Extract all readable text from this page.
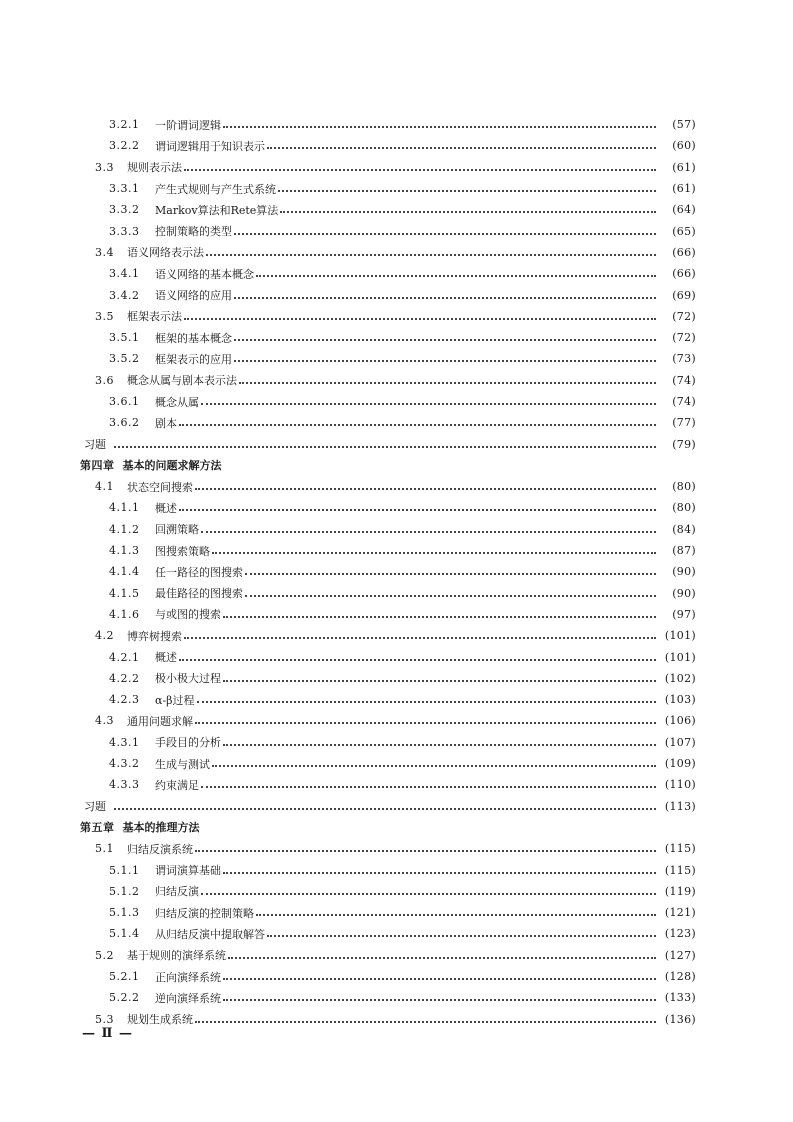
3.2.1	一阶谓词逻辑	(57)
3.2.2	谓词逻辑用于知识表示	(60)
3.3	规则表示法	(61)
3.3.1	产生式规则与产生式系统	(61)
3.3.2	Markov算法和Rete算法	(64)
3.3.3	控制策略的类型	(65)
3.4	语义网络表示法	(66)
3.4.1	语义网络的基本概念	(66)
3.4.2	语义网络的应用	(69)
3.5	框架表示法	(72)
3.5.1	框架的基本概念	(72)
3.5.2	框架表示的应用	(73)
3.6	概念从属与剧本表示法	(74)
3.6.1	概念从属	(74)
3.6.2	剧本	(77)
习题	(79)
第四章 基本的问题求解方法
4.1	状态空间搜索	(80)
4.1.1	概述	(80)
4.1.2	回溯策略	(84)
4.1.3	图搜索策略	(87)
4.1.4	任一路径的图搜索	(90)
4.1.5	最佳路径的图搜索	(90)
4.1.6	与或图的搜索	(97)
4.2	博弈树搜索	(101)
4.2.1	概述	(101)
4.2.2	极小极大过程	(102)
4.2.3	α-β过程	(103)
4.3	通用问题求解	(106)
4.3.1	手段目的分析	(107)
4.3.2	生成与测试	(109)
4.3.3	约束满足	(110)
习题	(113)
第五章 基本的推理方法
5.1	归结反演系统	(115)
5.1.1	谓词演算基础	(115)
5.1.2	归结反演	(119)
5.1.3	归结反演的控制策略	(121)
5.1.4	从归结反演中提取解答	(123)
5.2	基于规则的演绎系统	(127)
5.2.1	正向演绎系统	(128)
5.2.2	逆向演绎系统	(133)
5.3	规划生成系统	(136)
— Ⅱ —
